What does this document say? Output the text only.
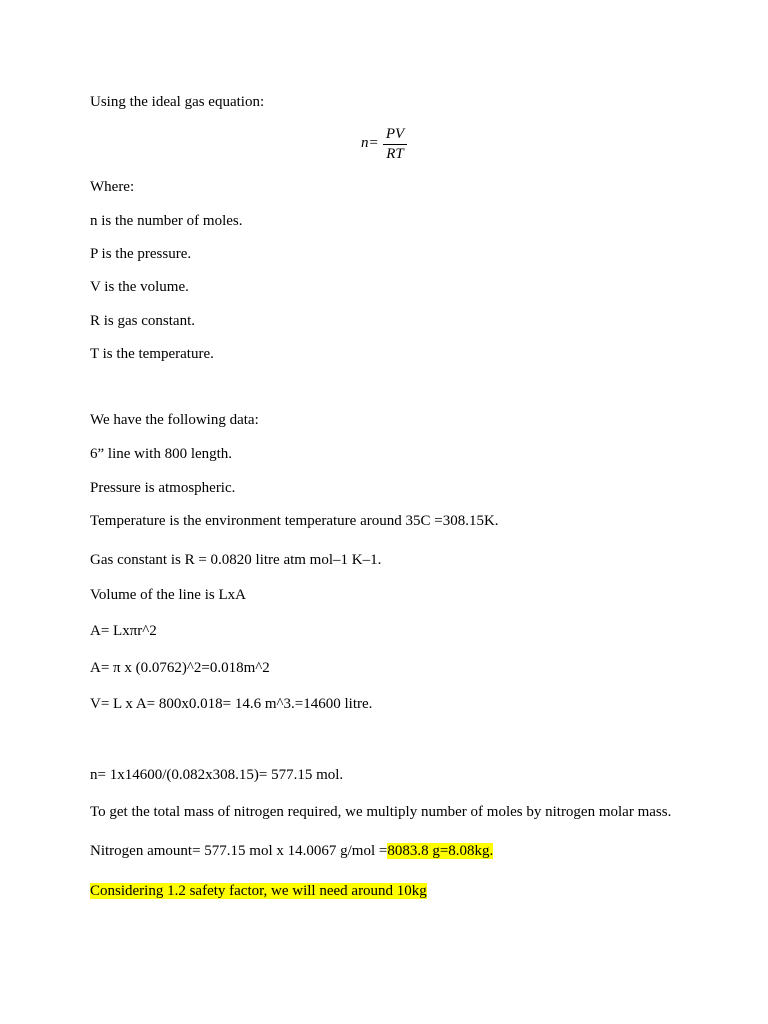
Using the ideal gas equation:
n=
PV
RT
Where:
n is the number of moles.
P is the pressure.
V is the volume.
R is gas constant.
T is the temperature.
We have the following data:
6” line with 800 length.
Pressure is atmospheric.
Temperature is the environment temperature around 35C =308.15K.
Gas constant is R = 0.0820 litre atm mol–1 K–1.
Volume of the line is LxA
A= Lxπr^2
A= π x (0.0762)^2=0.018m^2
V= L x A= 800x0.018= 14.6 m^3.=14600 litre.
n= 1x14600/(0.082x308.15)= 577.15 mol.
To get the total mass of nitrogen required, we multiply number of moles by nitrogen molar mass.
Nitrogen amount= 577.15 mol x 14.0067 g/mol =8083.8 g=8.08kg.
Considering 1.2 safety factor, we will need around 10kg
